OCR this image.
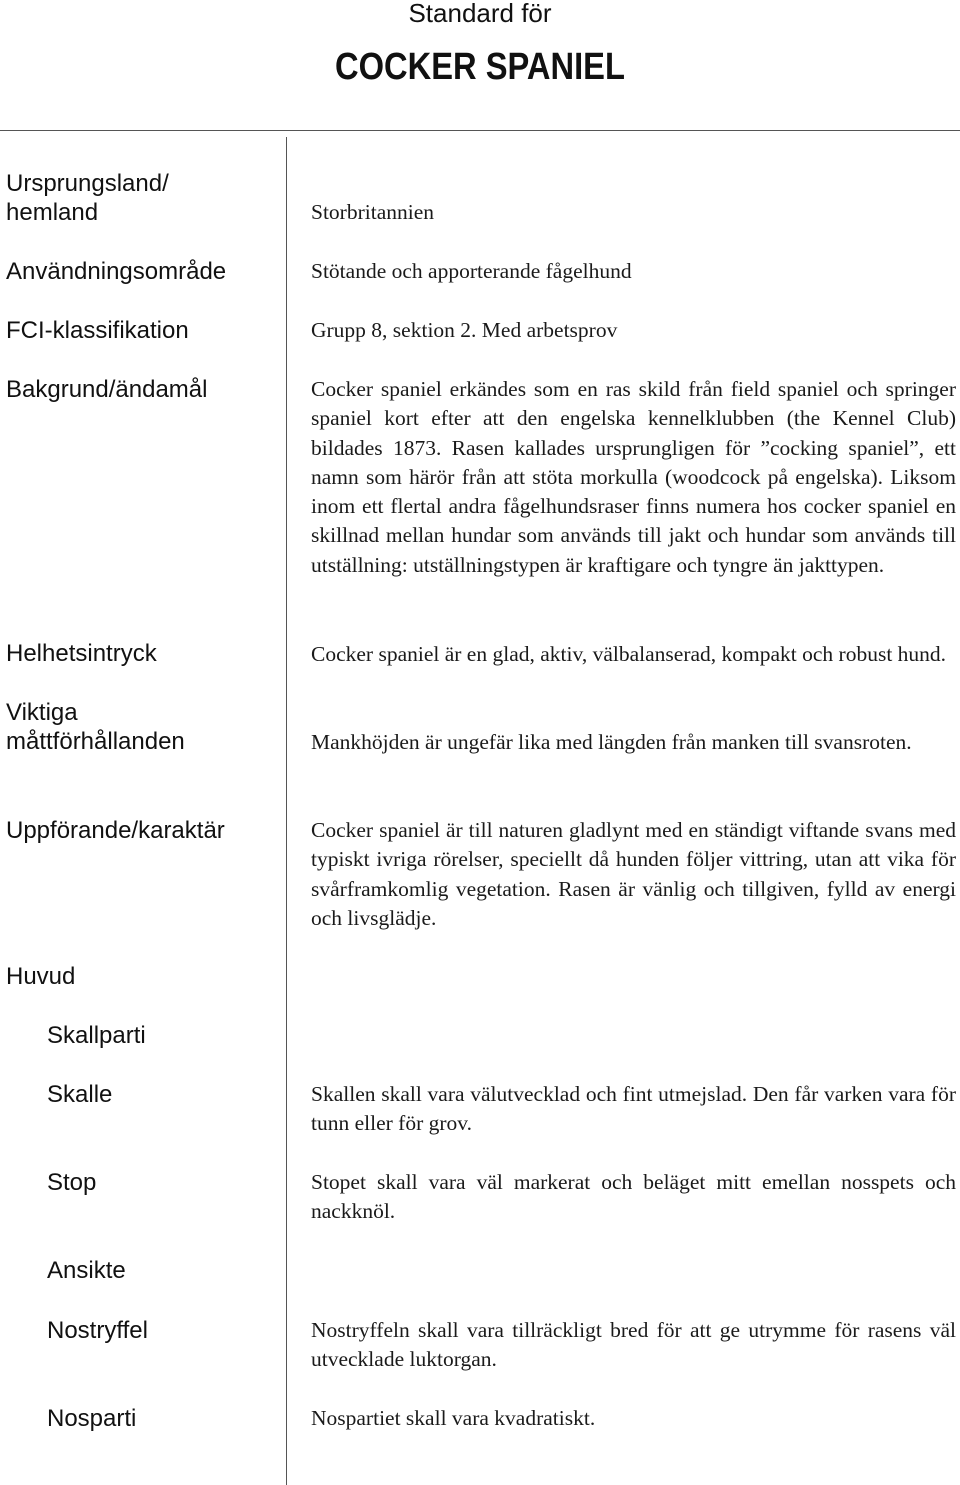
Standard för
COCKER SPANIEL
Ursprungsland/
hemland
Användningsområde
FCI-klassifikation
Bakgrund/ändamål
Helhetsintryck
Viktiga
måttförhållanden
Uppförande/karaktär
Huvud
Skallparti
Skalle
Stop
Ansikte
Nostryffel
Nosparti

Storbritannien

Stötande och apporterande fågelhund

Grupp 8, sektion 2. Med arbetsprov

Cocker spaniel erkändes som en ras skild från field spaniel och springer spaniel kort efter att den engelska kennelklubben (the Kennel Club) bildades 1873. Rasen kallades ursprungligen för ”cocking spaniel”, ett namn som härör från att stöta morkulla (woodcock på engelska). Liksom inom ett flertal andra fågelhundsraser finns numera hos cocker spaniel en skillnad mellan hundar som används till jakt och hundar som används till utställning: utställningstypen är kraftigare och tyngre än jakttypen.

Cocker spaniel är en glad, aktiv, välbalanserad, kompakt och robust hund.

Mankhöjden är ungefär lika med längden från manken till svansroten.

Cocker spaniel är till naturen gladlynt med en ständigt viftande svans med typiskt ivriga rörelser, speciellt då hunden följer vittring, utan att vika för svårframkomlig vegetation. Rasen är vänlig och tillgiven, fylld av energi och livsglädje.

Skallen skall vara välutvecklad och fint utmejslad. Den får varken vara för tunn eller för grov.

Stopet skall vara väl markerat och beläget mitt emellan nosspets och nackknöl.

Nostryffeln skall vara tillräckligt bred för att ge utrymme för rasens väl utvecklade luktorgan.

Nospartiet skall vara kvadratiskt.
